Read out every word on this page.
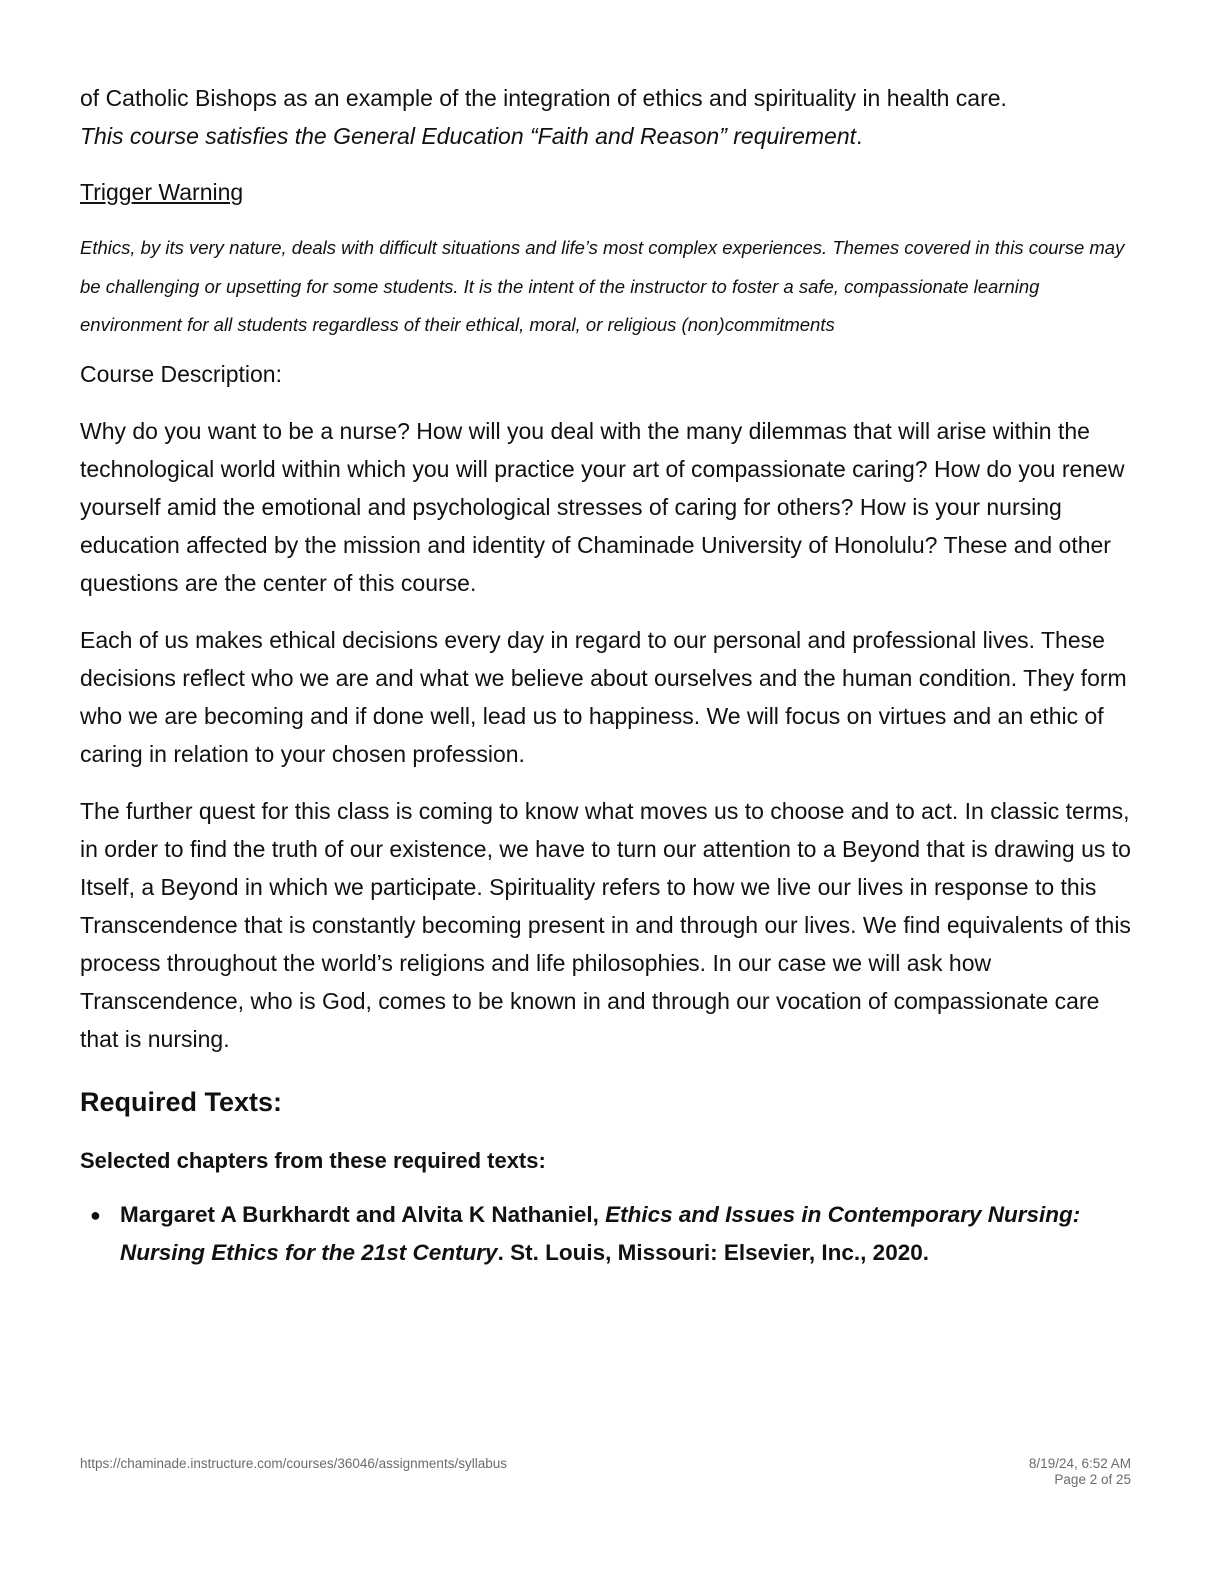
of Catholic Bishops as an example of the integration of ethics and spirituality in health care.
This course satisfies the General Education “Faith and Reason” requirement.

Trigger Warning

Ethics, by its very nature, deals with difficult situations and life’s most complex experiences. Themes covered in this course may be challenging or upsetting for some students. It is the intent of the instructor to foster a safe, compassionate learning environment for all students regardless of their ethical, moral, or religious (non)commitments

Course Description:

Why do you want to be a nurse? How will you deal with the many dilemmas that will arise within the technological world within which you will practice your art of compassionate caring? How do you renew yourself amid the emotional and psychological stresses of caring for others? How is your nursing education affected by the mission and identity of Chaminade University of Honolulu? These and other questions are the center of this course.

Each of us makes ethical decisions every day in regard to our personal and professional lives. These decisions reflect who we are and what we believe about ourselves and the human condition. They form who we are becoming and if done well, lead us to happiness. We will focus on virtues and an ethic of caring in relation to your chosen profession.

The further quest for this class is coming to know what moves us to choose and to act. In classic terms, in order to find the truth of our existence, we have to turn our attention to a Beyond that is drawing us to Itself, a Beyond in which we participate. Spirituality refers to how we live our lives in response to this Transcendence that is constantly becoming present in and through our lives. We find equivalents of this process throughout the world’s religions and life philosophies. In our case we will ask how Transcendence, who is God, comes to be known in and through our vocation of compassionate care that is nursing.

Required Texts:

Selected chapters from these required texts:

● Margaret A Burkhardt and Alvita K Nathaniel, Ethics and Issues in Contemporary Nursing: Nursing Ethics for the 21st Century. St. Louis, Missouri: Elsevier, Inc., 2020.
https://chaminade.instructure.com/courses/36046/assignments/syllabus	8/19/24, 6:52 AM
Page 2 of 25
